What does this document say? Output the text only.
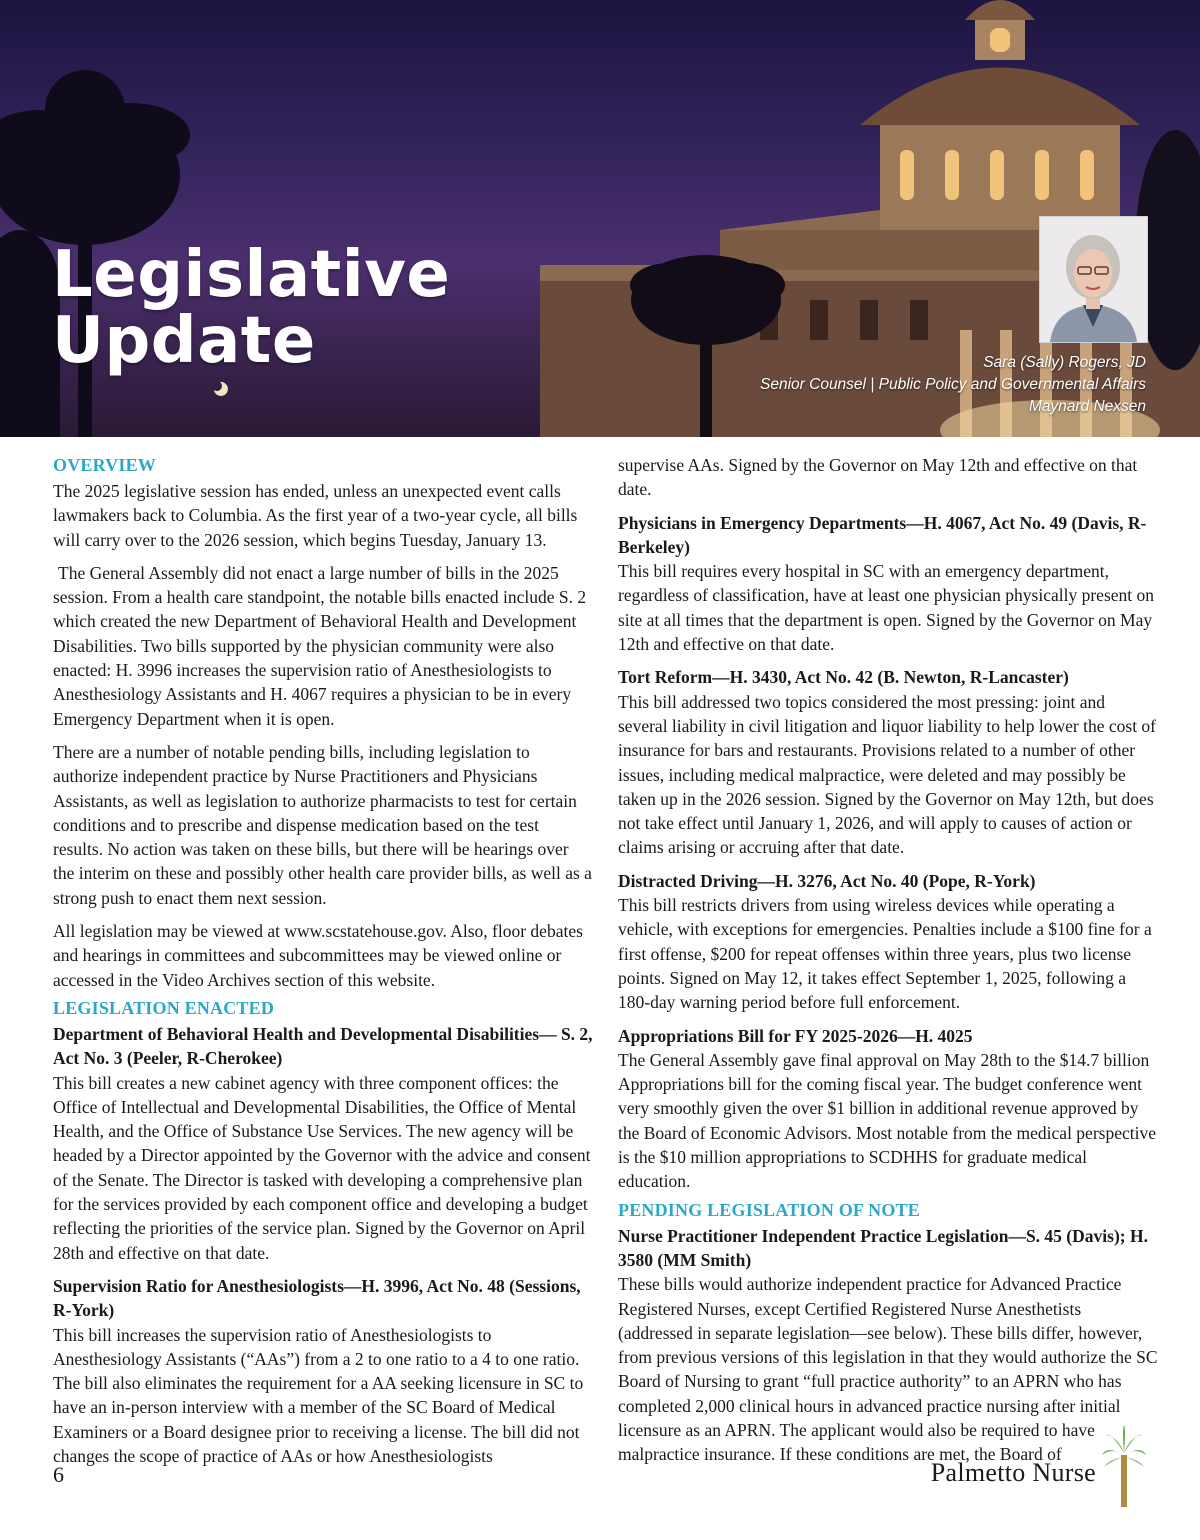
Legislative
Update	Sara (Sally) Rogers, JD
Senior Counsel | Public Policy and Governmental Affairs
Maynard Nexsen
OVERVIEW

The 2025 legislative session has ended, unless an unexpected event calls lawmakers back to Columbia. As the first year of a two-year cycle, all bills will carry over to the 2026 session, which begins Tuesday, January 13.

The General Assembly did not enact a large number of bills in the 2025 session. From a health care standpoint, the notable bills enacted include S. 2 which created the new Department of Behavioral Health and Development Disabilities. Two bills supported by the physician community were also enacted: H. 3996 increases the supervision ratio of Anesthesiologists to Anesthesiology Assistants and H. 4067 requires a physician to be in every Emergency Department when it is open.

There are a number of notable pending bills, including legislation to authorize independent practice by Nurse Practitioners and Physicians Assistants, as well as legislation to authorize pharmacists to test for certain conditions and to prescribe and dispense medication based on the test results. No action was taken on these bills, but there will be hearings over the interim on these and possibly other health care provider bills, as well as a strong push to enact them next session.

All legislation may be viewed at www.scstatehouse.gov. Also, floor debates and hearings in committees and subcommittees may be viewed online or accessed in the Video Archives section of this website.

LEGISLATION ENACTED
Department of Behavioral Health and Developmental Disabilities— S. 2, Act No. 3 (Peeler, R-Cherokee)

This bill creates a new cabinet agency with three component offices: the Office of Intellectual and Developmental Disabilities, the Office of Mental Health, and the Office of Substance Use Services. The new agency will be headed by a Director appointed by the Governor with the advice and consent of the Senate. The Director is tasked with developing a comprehensive plan for the services provided by each component office and developing a budget reflecting the priorities of the service plan. Signed by the Governor on April 28th and effective on that date.

Supervision Ratio for Anesthesiologists—H. 3996, Act No. 48 (Sessions, R-York)

This bill increases the supervision ratio of Anesthesiologists to Anesthesiology Assistants (“AAs”) from a 2 to one ratio to a 4 to one ratio. The bill also eliminates the requirement for a AA seeking licensure in SC to have an in-person interview with a member of the SC Board of Medical Examiners or a Board designee prior to receiving a license. The bill did not changes the scope of practice of AAs or how Anesthesiologists

supervise AAs. Signed by the Governor on May 12th and effective on that date.

Physicians in Emergency Departments—H. 4067, Act No. 49 (Davis, R-Berkeley)

This bill requires every hospital in SC with an emergency department, regardless of classification, have at least one physician physically present on site at all times that the department is open. Signed by the Governor on May 12th and effective on that date.

Tort Reform—H. 3430, Act No. 42 (B. Newton, R-Lancaster)

This bill addressed two topics considered the most pressing: joint and several liability in civil litigation and liquor liability to help lower the cost of insurance for bars and restaurants. Provisions related to a number of other issues, including medical malpractice, were deleted and may possibly be taken up in the 2026 session. Signed by the Governor on May 12th, but does not take effect until January 1, 2026, and will apply to causes of action or claims arising or accruing after that date.

Distracted Driving—H. 3276, Act No. 40 (Pope, R-York)

This bill restricts drivers from using wireless devices while operating a vehicle, with exceptions for emergencies. Penalties include a $100 fine for a first offense, $200 for repeat offenses within three years, plus two license points. Signed on May 12, it takes effect September 1, 2025, following a 180-day warning period before full enforcement.

Appropriations Bill for FY 2025-2026—H. 4025

The General Assembly gave final approval on May 28th to the $14.7 billion Appropriations bill for the coming fiscal year. The budget conference went very smoothly given the over $1 billion in additional revenue approved by the Board of Economic Advisors. Most notable from the medical perspective is the $10 million appropriations to SCDHHS for graduate medical education.

PENDING LEGISLATION OF NOTE
Nurse Practitioner Independent Practice Legislation—S. 45 (Davis); H. 3580 (MM Smith)

These bills would authorize independent practice for Advanced Practice Registered Nurses, except Certified Registered Nurse Anesthetists (addressed in separate legislation—see below). These bills differ, however, from previous versions of this legislation in that they would authorize the SC Board of Nursing to grant “full practice authority” to an APRN who has completed 2,000 clinical hours in advanced practice nursing after initial licensure as an APRN. The applicant would also be required to have malpractice insurance. If these conditions are met, the Board of

6	Palmetto Nurse
